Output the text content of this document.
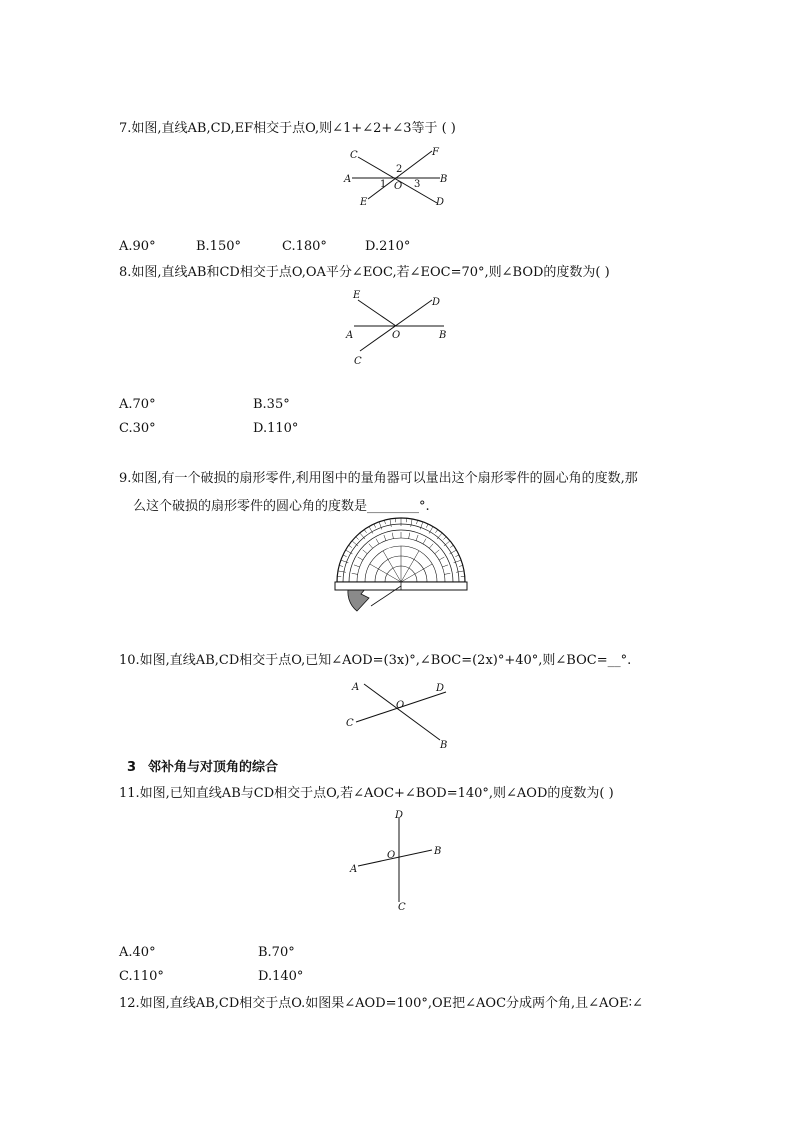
7.如图,直线AB,CD,EF相交于点O,则∠1+∠2+∠3等于 ( )
C	F
A	B
E	D
O
1
2
3
A.90°	B.150°	C.180°	D.210°
8.如图,直线AB和CD相交于点O,OA平分∠EOC,若∠EOC=70°,则∠BOD的度数为( )
E
D
A	O	B
C
A.70°	B.35°
C.30°	D.110°
9.如图,有一个破损的扇形零件,利用图中的量角器可以量出这个扇形零件的圆心角的度数,那
么这个破损的扇形零件的圆心角的度数是________°.
10.如图,直线AB,CD相交于点O,已知∠AOD=(3x)°,∠BOC=(2x)°+40°,则∠BOC=__°.
A
O
D
C
B
3 邻补角与对顶角的综合
11.如图,已知直线AB与CD相交于点O,若∠AOC+∠BOD=140°,则∠AOD的度数为( )
D
O	B
A
C
A.40°	B.70°
C.110°	D.140°
12.如图,直线AB,CD相交于点O.如图果∠AOD=100°,OE把∠AOC分成两个角,且∠AOE∶∠
